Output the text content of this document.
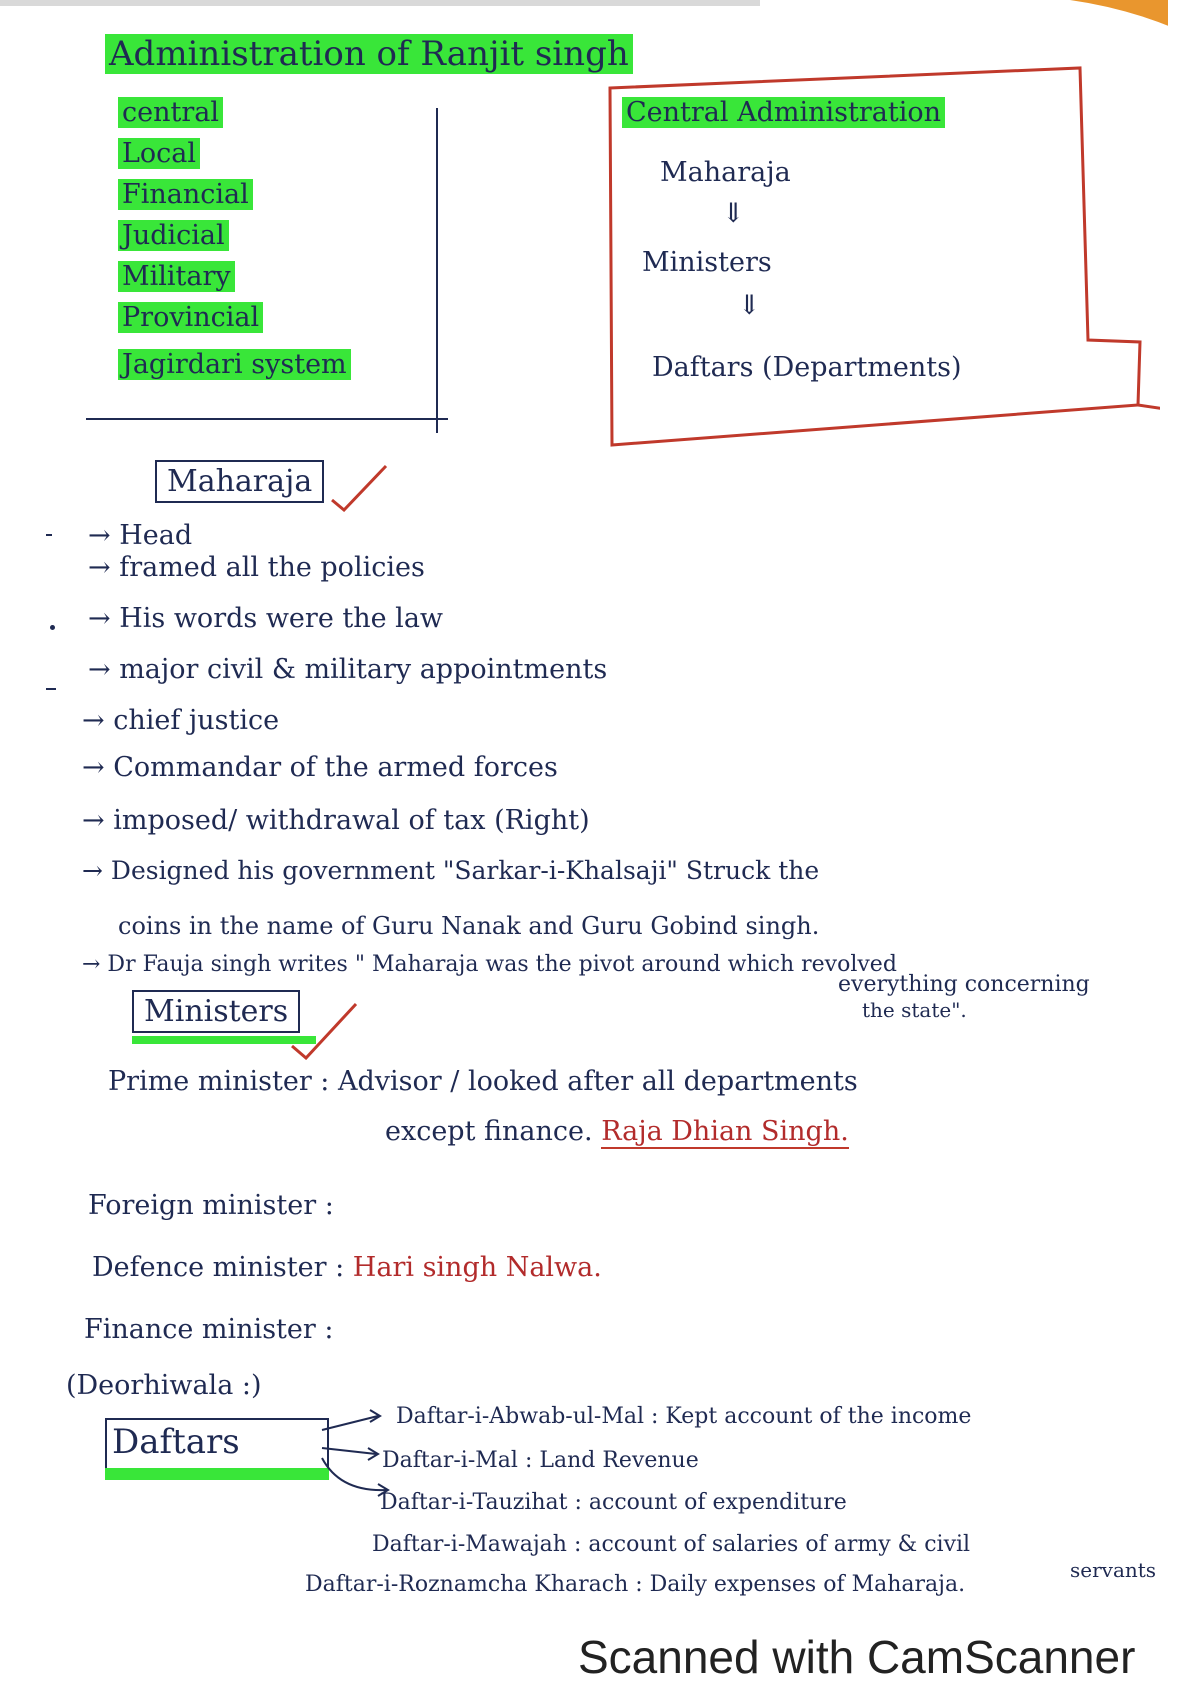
Administration of Ranjit singh
central
Local
Financial
Judicial
Military
Provincial
Jagirdari system
Central Administration
Maharaja
⇓
Ministers
⇓
Daftars (Departments)
Maharaja
→ Head
→ framed all the policies
→ His words were the law
→ major civil & military appointments
→ chief justice
→ Commandar of the armed forces
→ imposed/ withdrawal of tax (Right)
→ Designed his government "Sarkar-i-Khalsaji" Struck the
coins in the name of Guru Nanak and Guru Gobind singh.
→ Dr Fauja singh writes " Maharaja was the pivot around which revolved
everything concerning
the state".
Ministers
Prime minister : Advisor / looked after all departments
except finance. Raja Dhian Singh.
Foreign minister :
Defence minister : Hari singh Nalwa.
Finance minister :
(Deorhiwala :)
Daftars
Daftar-i-Abwab-ul-Mal : Kept account of the income
Daftar-i-Mal : Land Revenue
Daftar-i-Tauzihat : account of expenditure
Daftar-i-Mawajah : account of salaries of army & civil
servants
Daftar-i-Roznamcha Kharach : Daily expenses of Maharaja.
Scanned with CamScanner
